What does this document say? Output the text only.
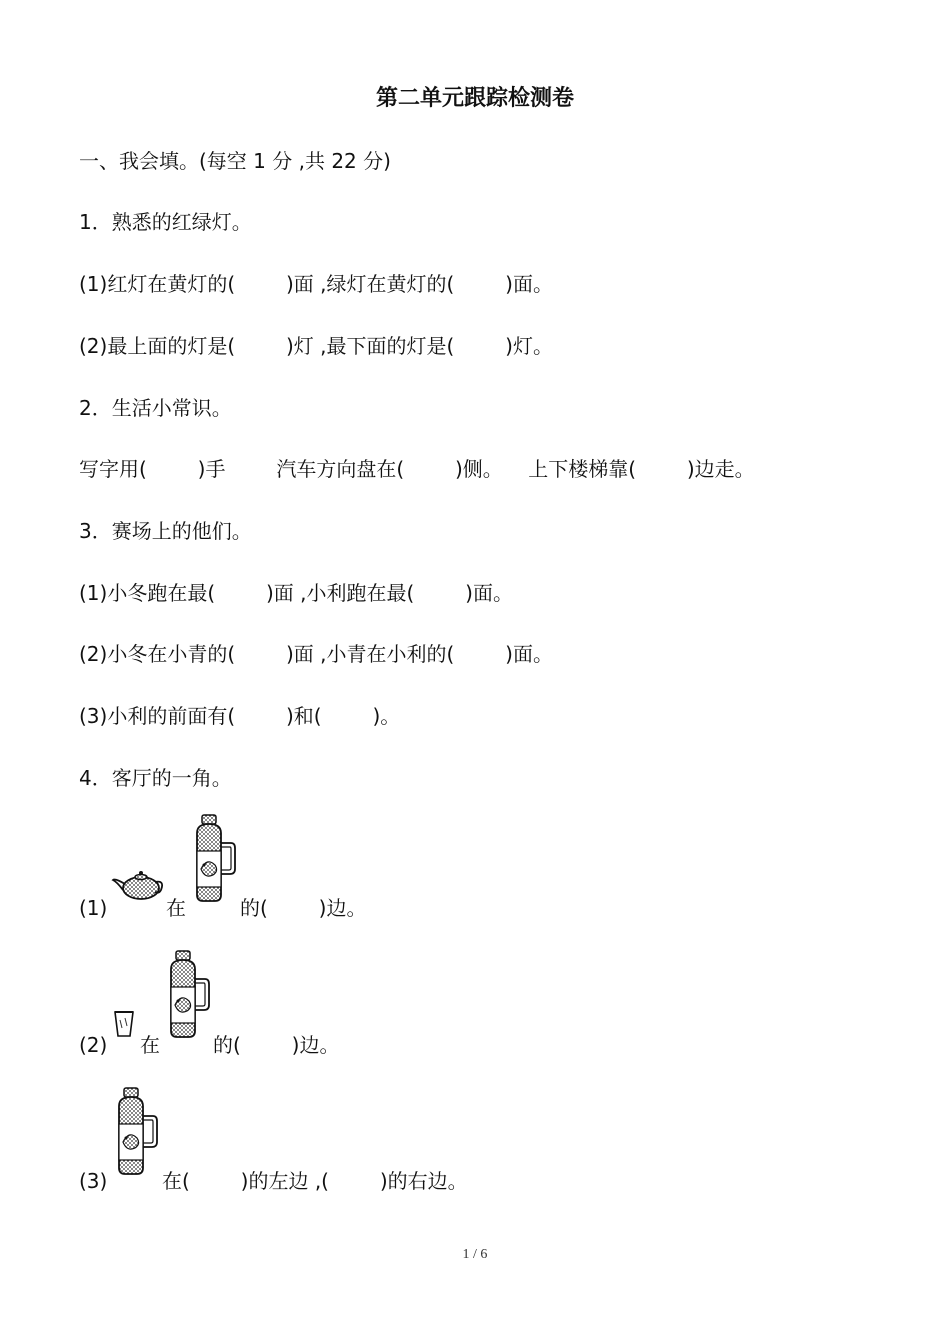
第二单元跟踪检测卷
一、我会填。(每空 1 分 ,共 22 分)
1．熟悉的红绿灯。
(1)红灯在黄灯的(        )面 ,绿灯在黄灯的(        )面。
(2)最上面的灯是(        )灯 ,最下面的灯是(        )灯。
2．生活小常识。
写字用(        )手        汽车方向盘在(        )侧。    上下楼梯靠(        )边走。
3．赛场上的他们。
(1)小冬跑在最(        )面 ,小利跑在最(        )面。
(2)小冬在小青的(        )面 ,小青在小利的(        )面。
(3)小利的前面有(        )和(        )。
4．客厅的一角。
(1)	在	的(        )边。
(2) 在	的(        )边。
(3)	在(        )的左边 ,(        )的右边。
1 / 6
